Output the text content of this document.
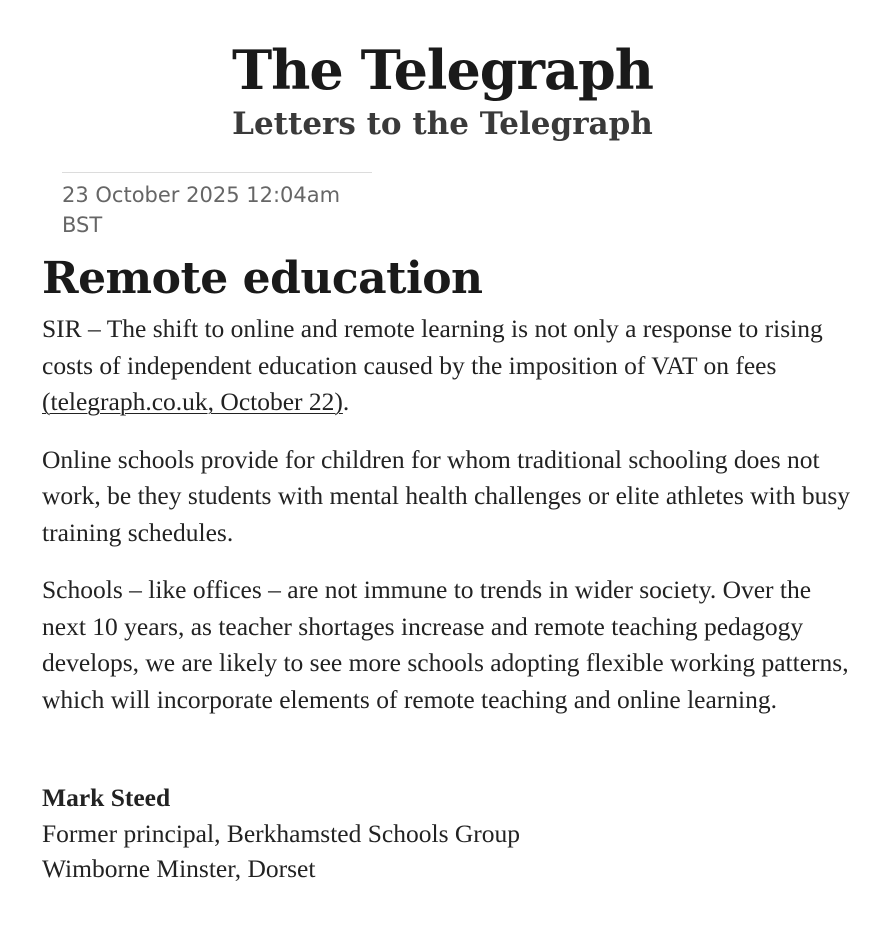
The Telegraph
Letters to the Telegraph
23 October 2025 12:04am BST
Remote education

SIR – The shift to online and remote learning is not only a response to rising costs of independent education caused by the imposition of VAT on fees (telegraph.co.uk, October 22).

Online schools provide for children for whom traditional schooling does not work, be they students with mental health challenges or elite athletes with busy training schedules.

Schools – like offices – are not immune to trends in wider society. Over the next 10 years, as teacher shortages increase and remote teaching pedagogy develops, we are likely to see more schools adopting flexible working patterns, which will incorporate elements of remote teaching and online learning.

Mark Steed
Former principal, Berkhamsted Schools Group
Wimborne Minster, Dorset
